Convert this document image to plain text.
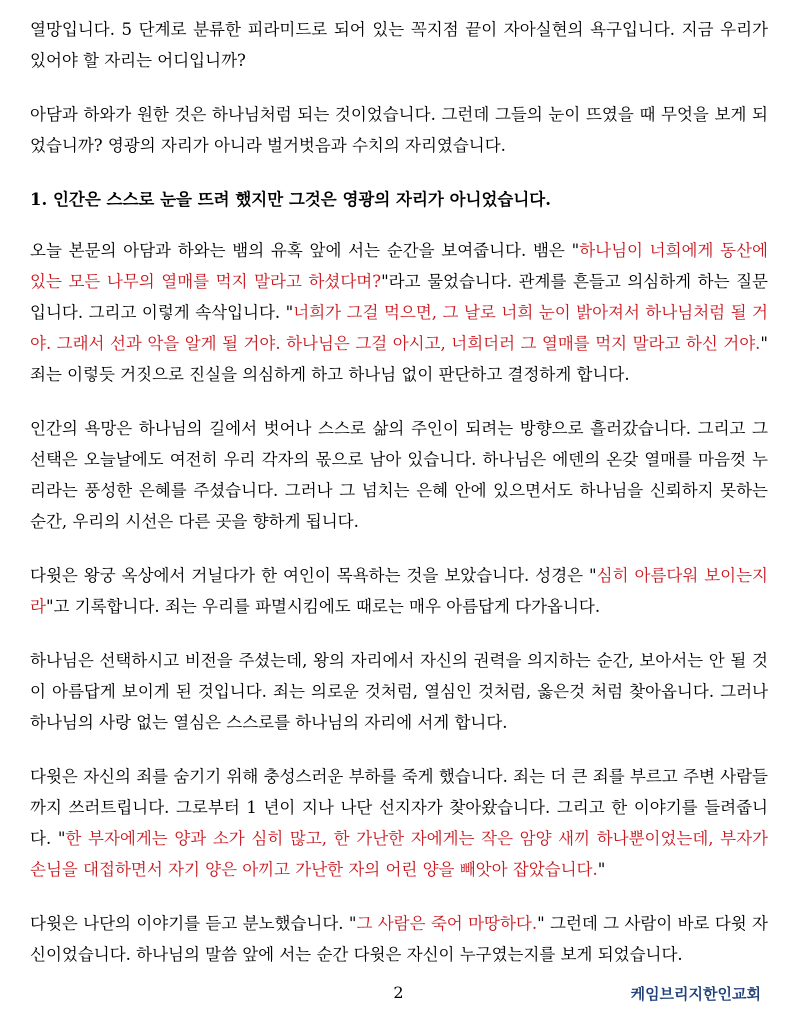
열망입니다. 5 단계로 분류한 피라미드로 되어 있는 꼭지점 끝이 자아실현의 욕구입니다. 지금 우리가 있어야 할 자리는 어디입니까?

아담과 하와가 원한 것은 하나님처럼 되는 것이었습니다. 그런데 그들의 눈이 뜨였을 때 무엇을 보게 되었습니까? 영광의 자리가 아니라 벌거벗음과 수치의 자리였습니다.

1. 인간은 스스로 눈을 뜨려 했지만 그것은 영광의 자리가 아니었습니다.

오늘 본문의 아담과 하와는 뱀의 유혹 앞에 서는 순간을 보여줍니다. 뱀은 "하나님이 너희에게 동산에 있는 모든 나무의 열매를 먹지 말라고 하셨다며?"라고 물었습니다. 관계를 흔들고 의심하게 하는 질문입니다. 그리고 이렇게 속삭입니다. "너희가 그걸 먹으면, 그 날로 너희 눈이 밝아져서 하나님처럼 될 거야. 그래서 선과 악을 알게 될 거야. 하나님은 그걸 아시고, 너희더러 그 열매를 먹지 말라고 하신 거야." 죄는 이렇듯 거짓으로 진실을 의심하게 하고 하나님 없이 판단하고 결정하게 합니다.

인간의 욕망은 하나님의 길에서 벗어나 스스로 삶의 주인이 되려는 방향으로 흘러갔습니다. 그리고 그 선택은 오늘날에도 여전히 우리 각자의 몫으로 남아 있습니다. 하나님은 에덴의 온갖 열매를 마음껏 누리라는 풍성한 은혜를 주셨습니다. 그러나 그 넘치는 은혜 안에 있으면서도 하나님을 신뢰하지 못하는 순간, 우리의 시선은 다른 곳을 향하게 됩니다.

다윗은 왕궁 옥상에서 거닐다가 한 여인이 목욕하는 것을 보았습니다. 성경은 "심히 아름다워 보이는지라"고 기록합니다. 죄는 우리를 파멸시킴에도 때로는 매우 아름답게 다가옵니다.

하나님은 선택하시고 비전을 주셨는데, 왕의 자리에서 자신의 권력을 의지하는 순간, 보아서는 안 될 것이 아름답게 보이게 된 것입니다. 죄는 의로운 것처럼, 열심인 것처럼, 옳은것 처럼 찾아옵니다. 그러나 하나님의 사랑 없는 열심은 스스로를 하나님의 자리에 서게 합니다.

다윗은 자신의 죄를 숨기기 위해 충성스러운 부하를 죽게 했습니다. 죄는 더 큰 죄를 부르고 주변 사람들까지 쓰러트립니다. 그로부터 1 년이 지나 나단 선지자가 찾아왔습니다. 그리고 한 이야기를 들려줍니다. "한 부자에게는 양과 소가 심히 많고, 한 가난한 자에게는 작은 암양 새끼 하나뿐이었는데, 부자가 손님을 대접하면서 자기 양은 아끼고 가난한 자의 어린 양을 빼앗아 잡았습니다."

다윗은 나단의 이야기를 듣고 분노했습니다. "그 사람은 죽어 마땅하다." 그런데 그 사람이 바로 다윗 자신이었습니다. 하나님의 말씀 앞에 서는 순간 다윗은 자신이 누구였는지를 보게 되었습니다.

2	케임브리지한인교회
